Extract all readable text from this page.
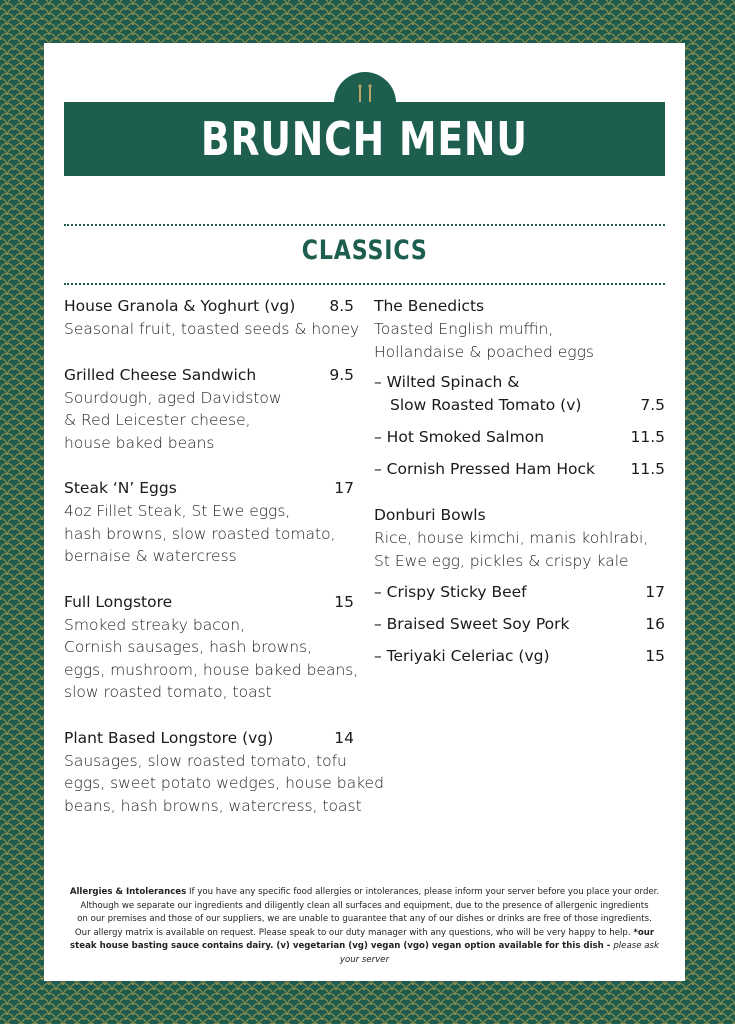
BRUNCH MENU
CLASSICS
House Granola & Yoghurt (vg) 8.5
Seasonal fruit, toasted seeds & honey
Grilled Cheese Sandwich	9.5
Sourdough, aged Davidstow
& Red Leicester cheese,
house baked beans
Steak ‘N’ Eggs	17
4oz Fillet Steak, St Ewe eggs,
hash browns, slow roasted tomato,
bernaise & watercress
Full Longstore	15
Smoked streaky bacon,
Cornish sausages, hash browns,
eggs, mushroom, house baked beans,
slow roasted tomato, toast
Plant Based Longstore (vg)	14
Sausages, slow roasted tomato, tofu
eggs, sweet potato wedges, house baked
beans, hash browns, watercress, toast
The Benedicts
Toasted English muffin,
Hollandaise & poached eggs
– Wilted Spinach &
Slow Roasted Tomato (v)	7.5
– Hot Smoked Salmon	11.5
– Cornish Pressed Ham Hock 11.5
Donburi Bowls
Rice, house kimchi, manis kohlrabi,
St Ewe egg, pickles & crispy kale
– Crispy Sticky Beef	17
– Braised Sweet Soy Pork	16
– Teriyaki Celeriac (vg)	15
Allergies & Intolerances If you have any specific food allergies or intolerances, please inform your server before you place your order.
Although we separate our ingredients and diligently clean all surfaces and equipment, due to the presence of allergenic ingredients
on our premises and those of our suppliers, we are unable to guarantee that any of our dishes or drinks are free of those ingredients.
Our allergy matrix is available on request. Please speak to our duty manager with any questions, who will be very happy to help. *our
steak house basting sauce contains dairy. (v) vegetarian (vg) vegan (vgo) vegan option available for this dish - please ask your server
